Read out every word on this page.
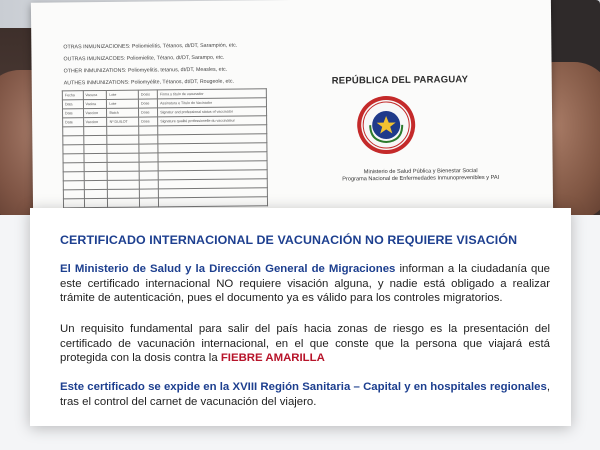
OTRAS INMUNIZACIONES: Poliomielitis, Tétanos, dt/DT, Sarampión, etc.
OUTRAS IMUNIZACOES: Poliomielite, Tétano, dt/DT, Sarampo, etc.
OTHER INMUNIZATIONS: Poliomyelitis, tetanus, dt/DT, Measles, etc.
AUTHES INMUNIZATIONS: Poliomyélite, Tétanos, dt/DT, Rougeole, etc.
Fecha	Vacuna	Lote	Dosis	Firma y título de vacunador
Data	Vacina	Lote	Dose	Assinatura e Título do Vacinador
Date	Vaccine	Batch	Dose	Signatur and professional status of vaccinator
Date	Vaccine	Nº DUILOT	Dose	Signature qualité professionelle du vaccinateur

REPÚBLICA DEL PARAGUAY
Ministerio de Salud Pública y Bienestar Social
Programa Nacional de Enfermedades Inmunoprevenibles y PAI
CERTIFICADO INTERNACIONAL DE VACUNACIÓN NO REQUIERE VISACIÓN

El Ministerio de Salud y la Dirección General de Migraciones informan a la ciudadanía que este certificado internacional NO requiere visación alguna, y nadie está obligado a realizar trámite de autenticación, pues el documento ya es válido para los controles migratorios.

Un requisito fundamental para salir del país hacia zonas de riesgo es la presentación del certificado de vacunación internacional, en el que conste que la persona que viajará está protegida con la dosis contra la FIEBRE AMARILLA

Este certificado se expide en la XVIII Región Sanitaria – Capital y en hospitales regionales, tras el control del carnet de vacunación del viajero.
